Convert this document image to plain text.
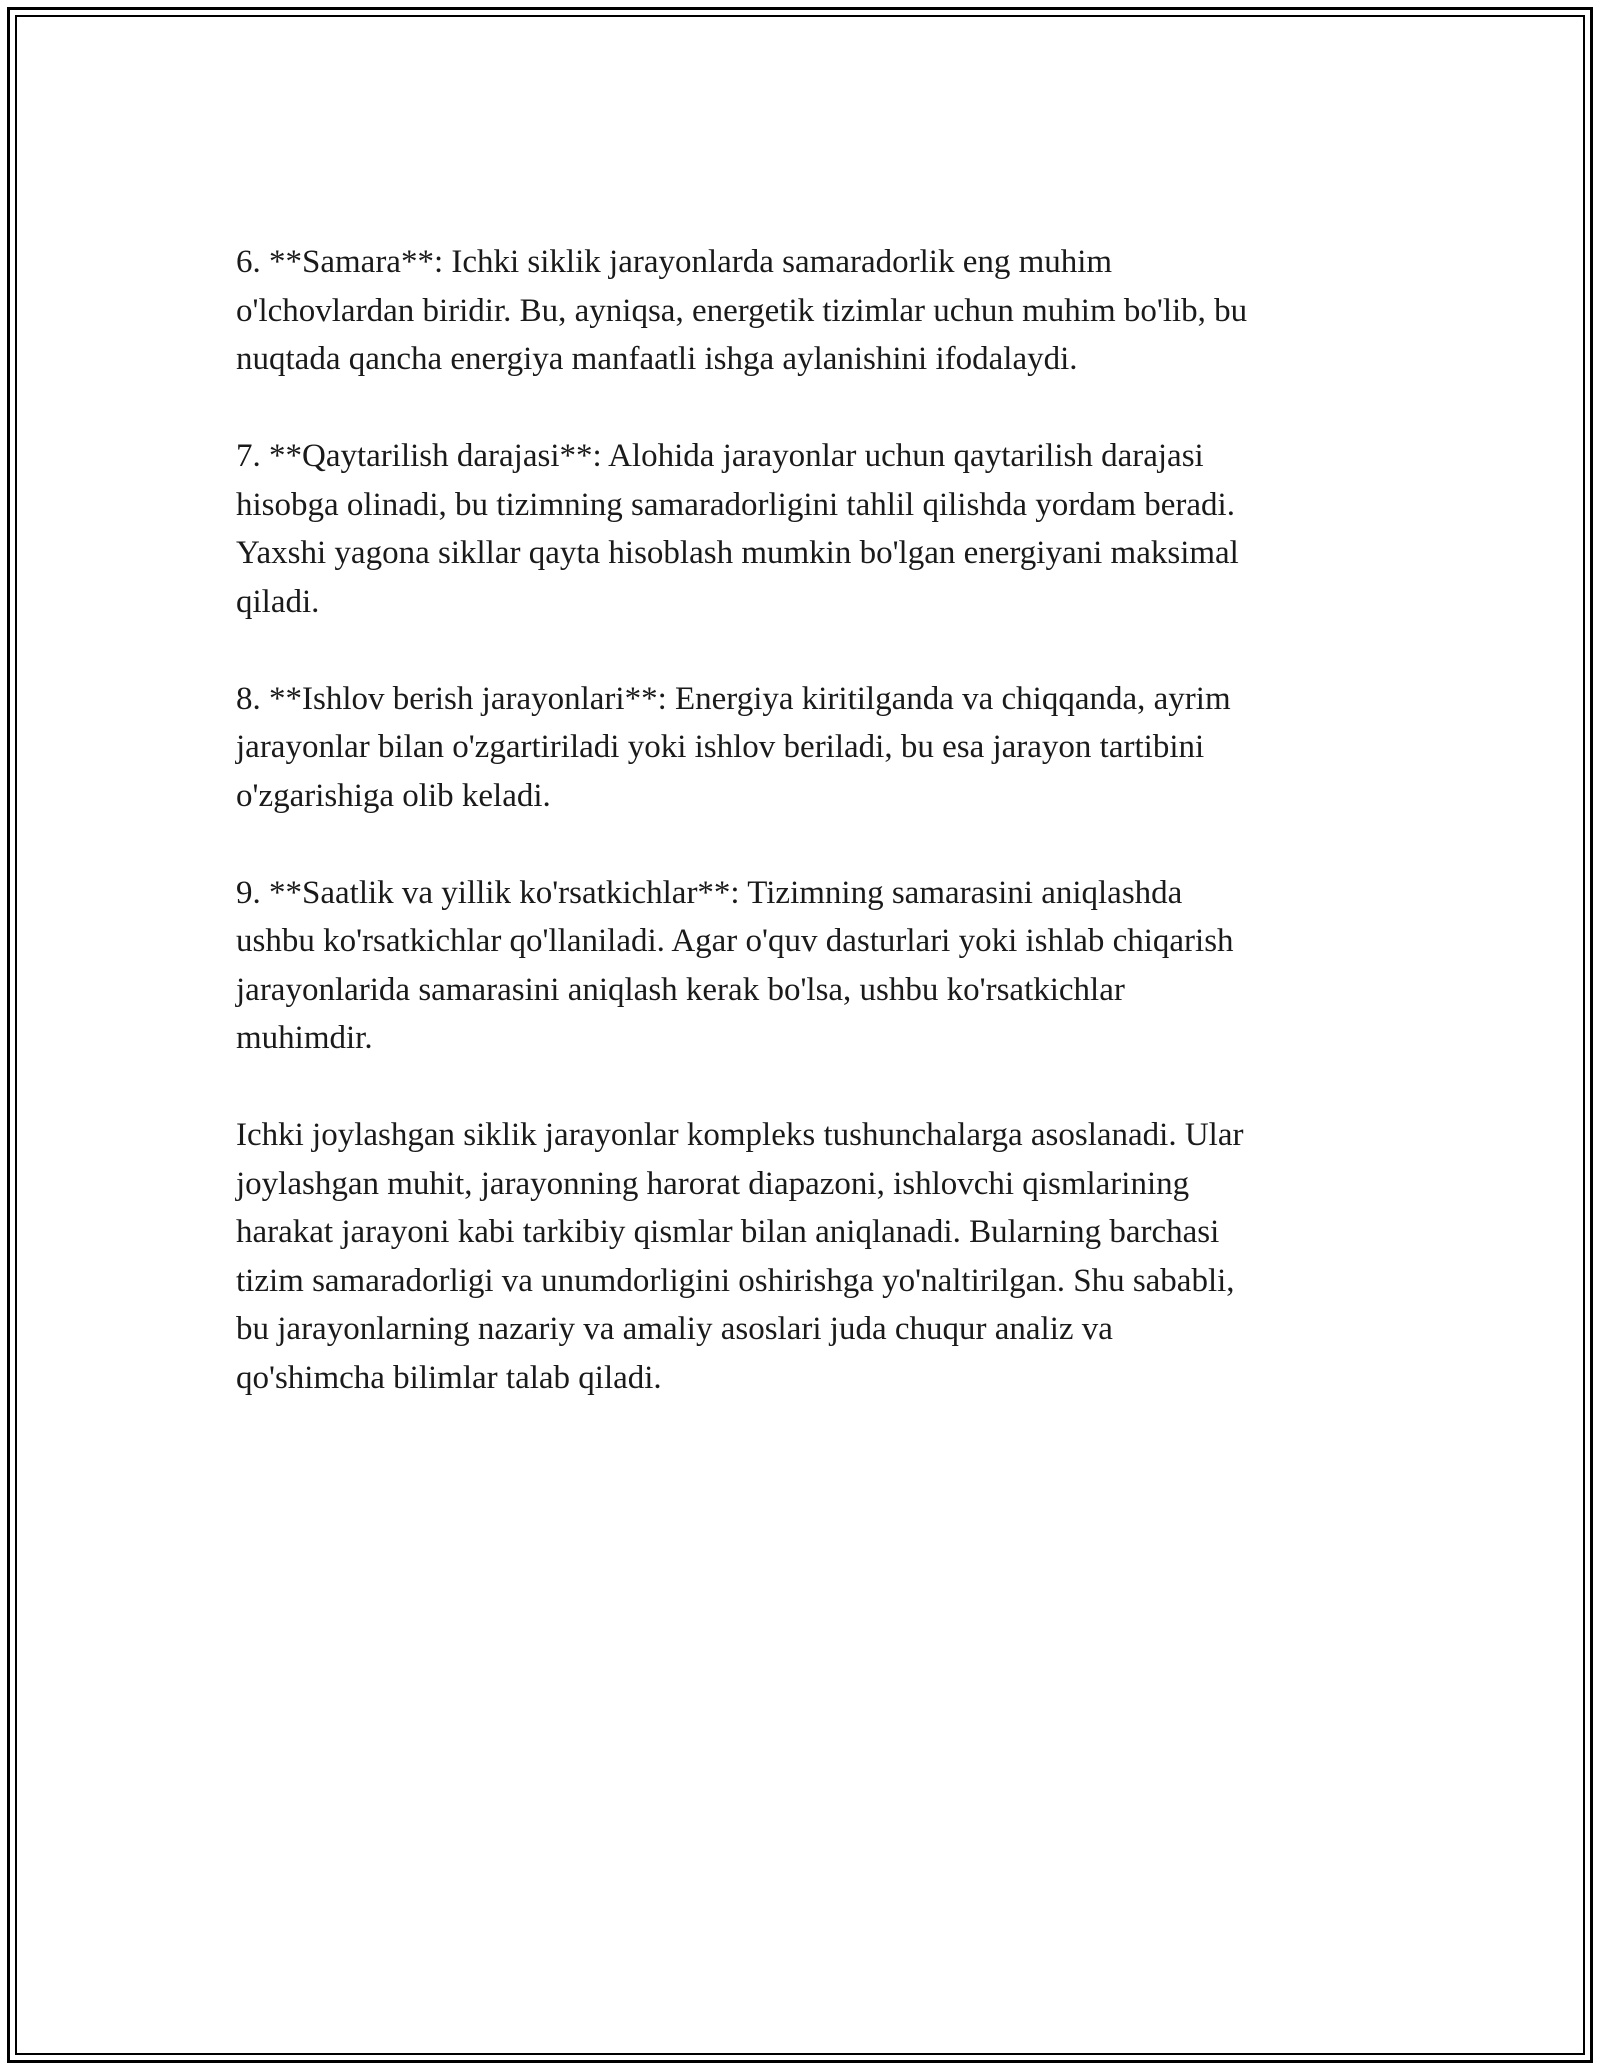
6. **Samara**: Ichki siklik jarayonlarda samaradorlik eng muhim
o'lchovlardan biridir. Bu, ayniqsa, energetik tizimlar uchun muhim bo'lib, bu
nuqtada qancha energiya manfaatli ishga aylanishini ifodalaydi.

7. **Qaytarilish darajasi**: Alohida jarayonlar uchun qaytarilish darajasi
hisobga olinadi, bu tizimning samaradorligini tahlil qilishda yordam beradi.
Yaxshi yagona sikllar qayta hisoblash mumkin bo'lgan energiyani maksimal
qiladi.

8. **Ishlov berish jarayonlari**: Energiya kiritilganda va chiqqanda, ayrim
jarayonlar bilan o'zgartiriladi yoki ishlov beriladi, bu esa jarayon tartibini
o'zgarishiga olib keladi.

9. **Saatlik va yillik ko'rsatkichlar**: Tizimning samarasini aniqlashda
ushbu ko'rsatkichlar qo'llaniladi. Agar o'quv dasturlari yoki ishlab chiqarish
jarayonlarida samarasini aniqlash kerak bo'lsa, ushbu ko'rsatkichlar
muhimdir.

Ichki joylashgan siklik jarayonlar kompleks tushunchalarga asoslanadi. Ular
joylashgan muhit, jarayonning harorat diapazoni, ishlovchi qismlarining
harakat jarayoni kabi tarkibiy qismlar bilan aniqlanadi. Bularning barchasi
tizim samaradorligi va unumdorligini oshirishga yo'naltirilgan. Shu sababli,
bu jarayonlarning nazariy va amaliy asoslari juda chuqur analiz va
qo'shimcha bilimlar talab qiladi.
